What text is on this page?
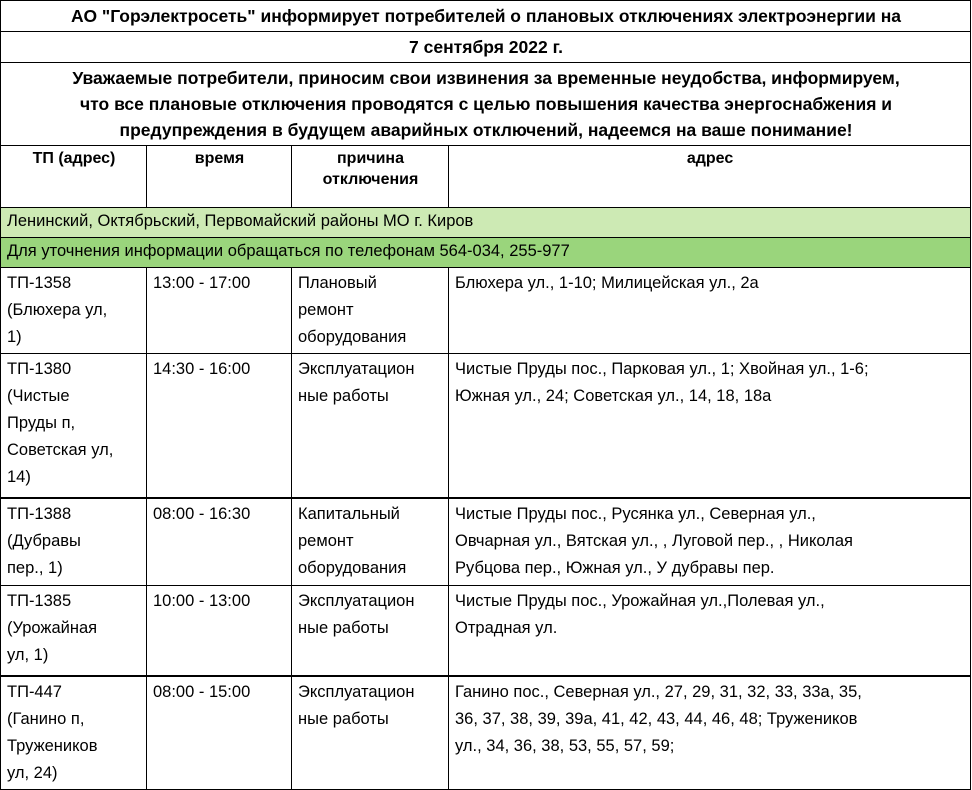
АО "Горэлектросеть" информирует потребителей о плановых отключениях электроэнергии на			
7 сентября 2022 г.			

Уважаемые потребители, приносим свои извинения за временные неудобства, информируем,
что все плановые отключения проводятся с целью повышения качества энергоснабжения и
предупреждения в будущем аварийных отключений, надеемся на ваше понимание!			

ТП (адрес)	время	причина отключения	адрес
Ленинский, Октябрьский, Первомайский районы МО г. Киров			
Для уточнения информации обращаться по телефонам 564-034, 255-977			

ТП-1358
(Блюхера ул,
1)	13:00 - 17:00	Плановый
ремонт
оборудования	Блюхера ул., 1-10; Милицейская ул., 2а

ТП-1380
(Чистые
Пруды п,
Советская ул,
14)	14:30 - 16:00	Эксплуатацион
ные работы	Чистые Пруды пос., Парковая ул., 1; Хвойная ул., 1-6;
Южная ул., 24; Советская ул., 14, 18, 18а

ТП-1388
(Дубравы
пер., 1)	08:00 - 16:30	Капитальный
ремонт
оборудования	Чистые Пруды пос., Русянка ул., Северная ул.,
Овчарная ул., Вятская ул., , Луговой пер., , Николая
Рубцова пер., Южная ул., У дубравы пер.

ТП-1385
(Урожайная
ул, 1)	10:00 - 13:00	Эксплуатацион
ные работы	Чистые Пруды пос., Урожайная ул.,Полевая ул.,
Отрадная ул.

ТП-447
(Ганино п,
Тружеников
ул, 24)	08:00 - 15:00	Эксплуатацион
ные работы	Ганино пос., Северная ул., 27, 29, 31, 32, 33, 33а, 35,
36, 37, 38, 39, 39а, 41, 42, 43, 44, 46, 48; Тружеников
ул., 34, 36, 38, 53, 55, 57, 59;
